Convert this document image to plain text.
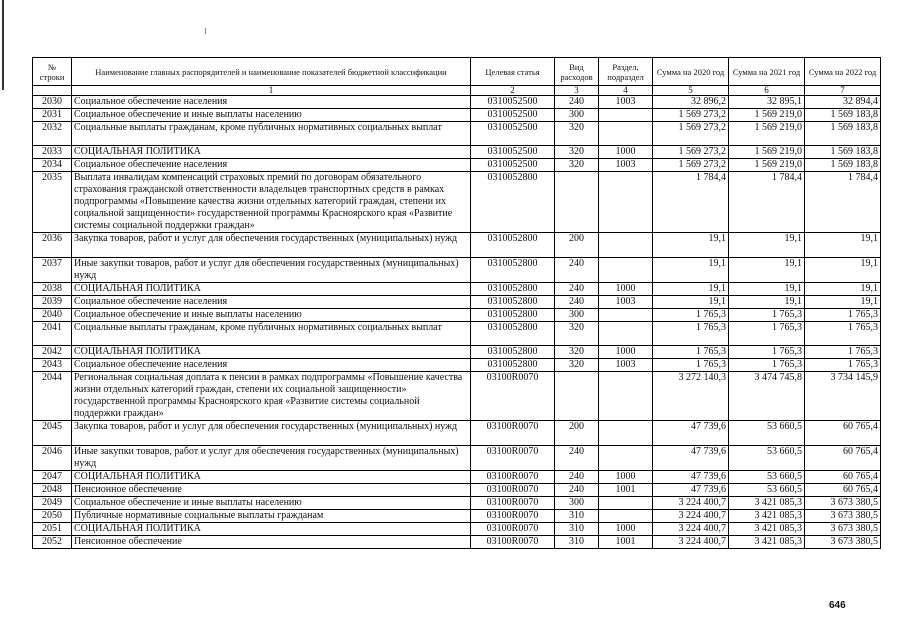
№ строки	Наименование главных распорядителей и наименование показателей бюджетной классификации	Целевая статья	Вид расходов	Раздел, подраздел	Сумма на 2020 год	Сумма на 2021 год	Сумма на 2022 год
	1	2	3	4	5	6	7
2030	Социальное обеспечение населения	0310052500	240	1003	32 896,2	32 895,1	32 894,4
2031	Социальное обеспечение и иные выплаты населению	0310052500	300		1 569 273,2	1 569 219,0	1 569 183,8
2032	Социальные выплаты гражданам, кроме публичных нормативных социальных выплат	0310052500	320		1 569 273,2	1 569 219,0	1 569 183,8
2033	СОЦИАЛЬНАЯ ПОЛИТИКА	0310052500	320	1000	1 569 273,2	1 569 219,0	1 569 183,8
2034	Социальное обеспечение населения	0310052500	320	1003	1 569 273,2	1 569 219,0	1 569 183,8
2035	Выплата инвалидам компенсаций страховых премий по договорам обязательного страхования гражданской ответственности владельцев транспортных средств в рамках подпрограммы «Повышение качества жизни отдельных категорий граждан, степени их социальной защищенности» государственной программы Красноярского края «Развитие системы социальной поддержки граждан»	0310052800			1 784,4	1 784,4	1 784,4
2036	Закупка товаров, работ и услуг для обеспечения государственных (муниципальных) нужд	0310052800	200		19,1	19,1	19,1
2037	Иные закупки товаров, работ и услуг для обеспечения государственных (муниципальных) нужд	0310052800	240		19,1	19,1	19,1
2038	СОЦИАЛЬНАЯ ПОЛИТИКА	0310052800	240	1000	19,1	19,1	19,1
2039	Социальное обеспечение населения	0310052800	240	1003	19,1	19,1	19,1
2040	Социальное обеспечение и иные выплаты населению	0310052800	300		1 765,3	1 765,3	1 765,3
2041	Социальные выплаты гражданам, кроме публичных нормативных социальных выплат	0310052800	320		1 765,3	1 765,3	1 765,3
2042	СОЦИАЛЬНАЯ ПОЛИТИКА	0310052800	320	1000	1 765,3	1 765,3	1 765,3
2043	Социальное обеспечение населения	0310052800	320	1003	1 765,3	1 765,3	1 765,3
2044	Региональная социальная доплата к пенсии в рамках подпрограммы «Повышение качества жизни отдельных категорий граждан, степени их социальной защищенности» государственной программы Красноярского края «Развитие системы социальной поддержки граждан»	03100R0070			3 272 140,3	3 474 745,8	3 734 145,9
2045	Закупка товаров, работ и услуг для обеспечения государственных (муниципальных) нужд	03100R0070	200		47 739,6	53 660,5	60 765,4
2046	Иные закупки товаров, работ и услуг для обеспечения государственных (муниципальных) нужд	03100R0070	240		47 739,6	53 660,5	60 765,4
2047	СОЦИАЛЬНАЯ ПОЛИТИКА	03100R0070	240	1000	47 739,6	53 660,5	60 765,4
2048	Пенсионное обеспечение	03100R0070	240	1001	47 739,6	53 660,5	60 765,4
2049	Социальное обеспечение и иные выплаты населению	03100R0070	300		3 224 400,7	3 421 085,3	3 673 380,5
2050	Публичные нормативные социальные выплаты гражданам	03100R0070	310		3 224 400,7	3 421 085,3	3 673 380,5
2051	СОЦИАЛЬНАЯ ПОЛИТИКА	03100R0070	310	1000	3 224 400,7	3 421 085,3	3 673 380,5
2052	Пенсионное обеспечение	03100R0070	310	1001	3 224 400,7	3 421 085,3	3 673 380,5
646
